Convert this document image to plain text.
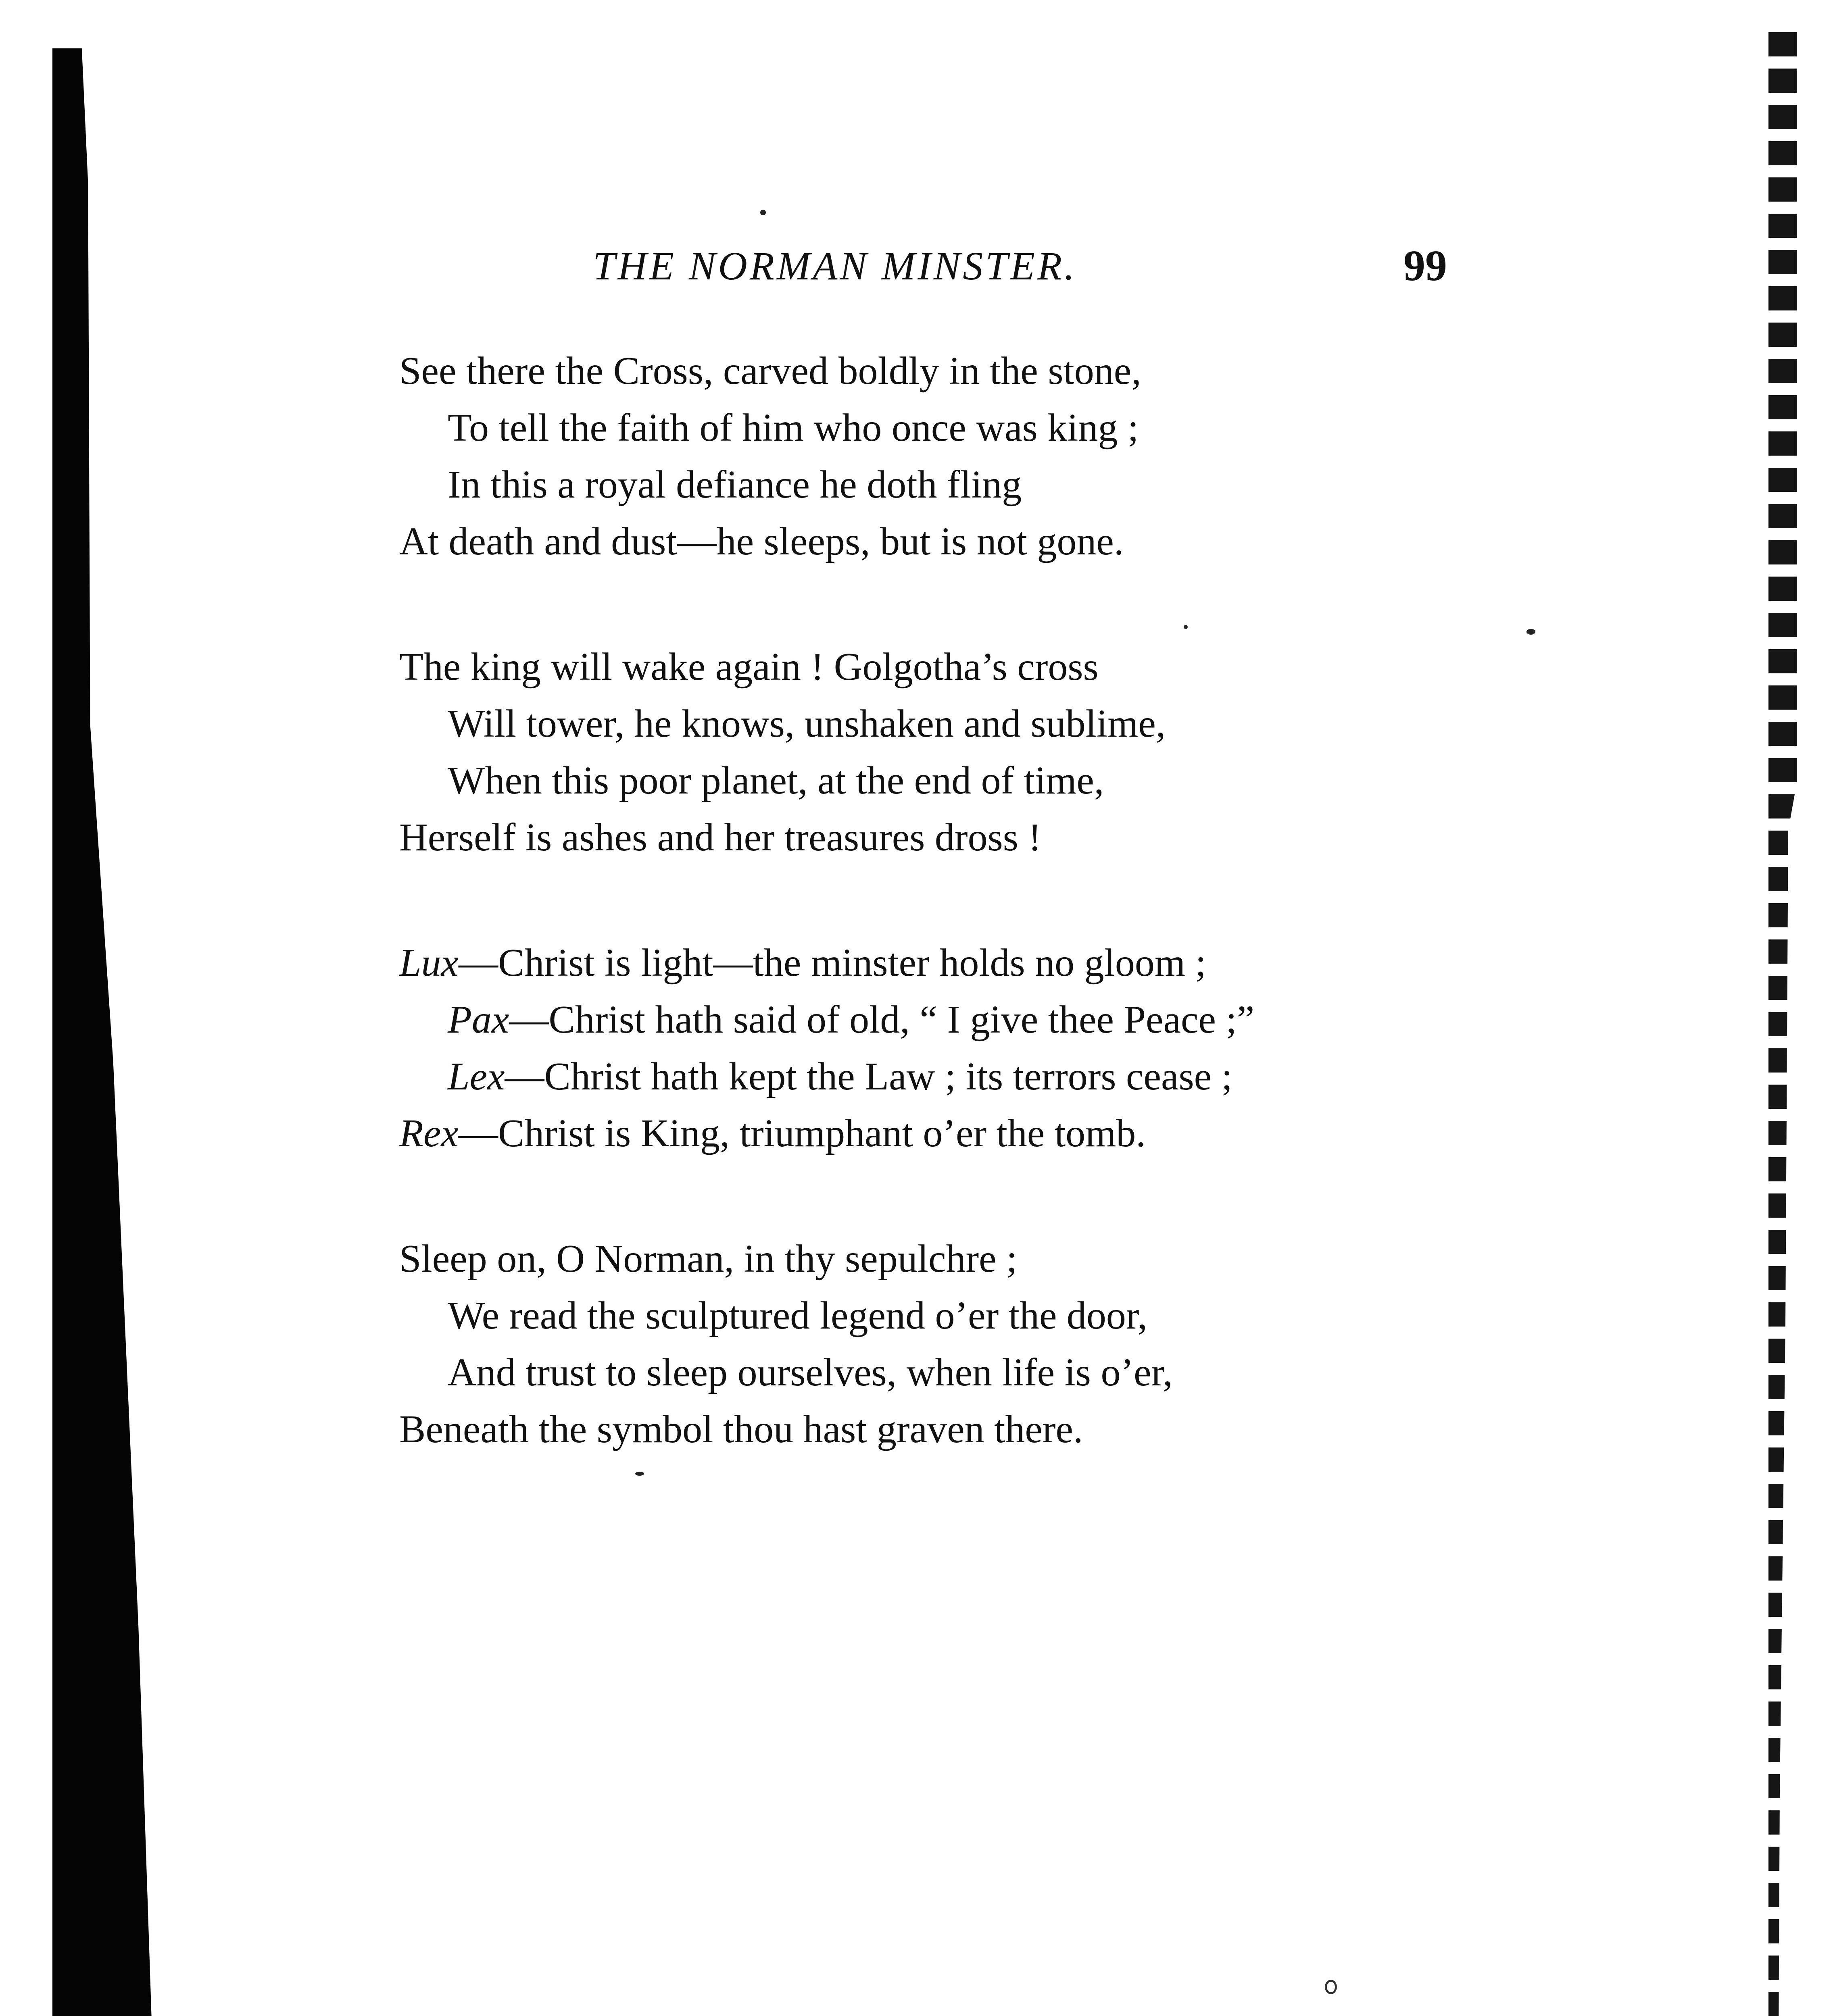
THE NORMAN MINSTER.	99
See there the Cross, carved boldly in the stone,
To tell the faith of him who once was king ;
In this a royal defiance he doth fling
At death and dust—he sleeps, but is not gone.
The king will wake again ! Golgotha’s cross
Will tower, he knows, unshaken and sublime,
When this poor planet, at the end of time,
Herself is ashes and her treasures dross !
Lux—Christ is light—the minster holds no gloom ;
Pax—Christ hath said of old, “ I give thee Peace ;”
Lex—Christ hath kept the Law ; its terrors cease ;
Rex—Christ is King, triumphant o’er the tomb.
Sleep on, O Norman, in thy sepulchre ;
We read the sculptured legend o’er the door,
And trust to sleep ourselves, when life is o’er,
Beneath the symbol thou hast graven there.
